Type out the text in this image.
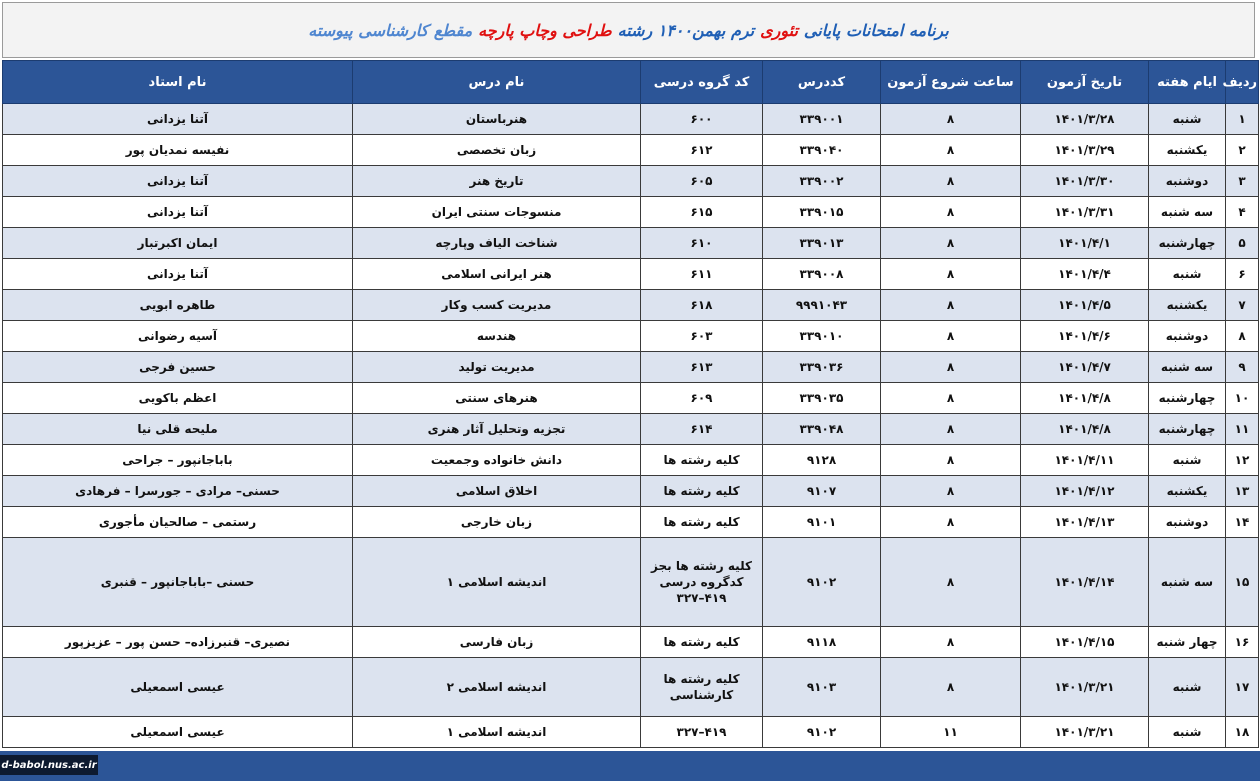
برنامه امتحانات پایانی
تئوری
ترم بهمن۱۴۰۰ رشته
طراحی وچاپ پارچه
مقطع کارشناسی پیوسته
ردیف	ایام هفته	تاریخ آزمون	ساعت شروع آزمون	کددرس	کد گروه درسی	نام درس	نام استاد
۱	شنبه	۱۴۰۱/۳/۲۸	۸	۳۳۹۰۰۱	۶۰۰	هنرباستان	آتنا یزدانی
۲	یکشنبه	۱۴۰۱/۳/۲۹	۸	۳۳۹۰۴۰	۶۱۲	زبان تخصصی	نفیسه نمدیان پور
۳	دوشنبه	۱۴۰۱/۳/۳۰	۸	۳۳۹۰۰۲	۶۰۵	تاریخ هنر	آتنا یزدانی
۴	سه شنبه	۱۴۰۱/۳/۳۱	۸	۳۳۹۰۱۵	۶۱۵	منسوجات سنتی ایران	آتنا یزدانی
۵	چهارشنبه	۱۴۰۱/۴/۱	۸	۳۳۹۰۱۳	۶۱۰	شناخت الیاف وپارچه	ایمان اکبرتبار
۶	شنبه	۱۴۰۱/۴/۴	۸	۳۳۹۰۰۸	۶۱۱	هنر ایرانی اسلامی	آتنا یزدانی
۷	یکشنبه	۱۴۰۱/۴/۵	۸	۹۹۹۱۰۴۳	۶۱۸	مدیریت کسب وکار	طاهره ابویی
۸	دوشنبه	۱۴۰۱/۴/۶	۸	۳۳۹۰۱۰	۶۰۳	هندسه	آسیه رضوانی
۹	سه شنبه	۱۴۰۱/۴/۷	۸	۳۳۹۰۳۶	۶۱۳	مدیریت تولید	حسین فرجی
۱۰	چهارشنبه	۱۴۰۱/۴/۸	۸	۳۳۹۰۳۵	۶۰۹	هنرهای سنتی	اعظم باکویی
۱۱	چهارشنبه	۱۴۰۱/۴/۸	۸	۳۳۹۰۴۸	۶۱۴	تجزیه وتحلیل آثار هنری	ملیحه قلی نیا
۱۲	شنبه	۱۴۰۱/۴/۱۱	۸	۹۱۲۸	کلیه رشته ها	دانش خانواده وجمعیت	باباجانپور – جراحی
۱۳	یکشنبه	۱۴۰۱/۴/۱۲	۸	۹۱۰۷	کلیه رشته ها	اخلاق اسلامی	حسنی– مرادی – جورسرا – فرهادی
۱۴	دوشنبه	۱۴۰۱/۴/۱۳	۸	۹۱۰۱	کلیه رشته ها	زبان خارجی	رستمی – صالحیان مأجوری
۱۵	سه شنبه	۱۴۰۱/۴/۱۴	۸	۹۱۰۲	کلیه رشته ها بجز کدگروه درسی ۴۱۹–۳۲۷	اندیشه اسلامی ۱	حسنی –باباجانپور – قنبری
۱۶	چهار شنبه	۱۴۰۱/۴/۱۵	۸	۹۱۱۸	کلیه رشته ها	زبان فارسی	نصیری– قنبرزاده– حسن پور – عزیزپور
۱۷	شنبه	۱۴۰۱/۳/۲۱	۸	۹۱۰۳	کلیه رشته ها کارشناسی	اندیشه اسلامی ۲	عیسی اسمعیلی
۱۸	شنبه	۱۴۰۱/۳/۲۱	۱۱	۹۱۰۲	۴۱۹–۳۲۷	اندیشه اسلامی ۱	عیسی اسمعیلی
d-babol.nus.ac.ir
